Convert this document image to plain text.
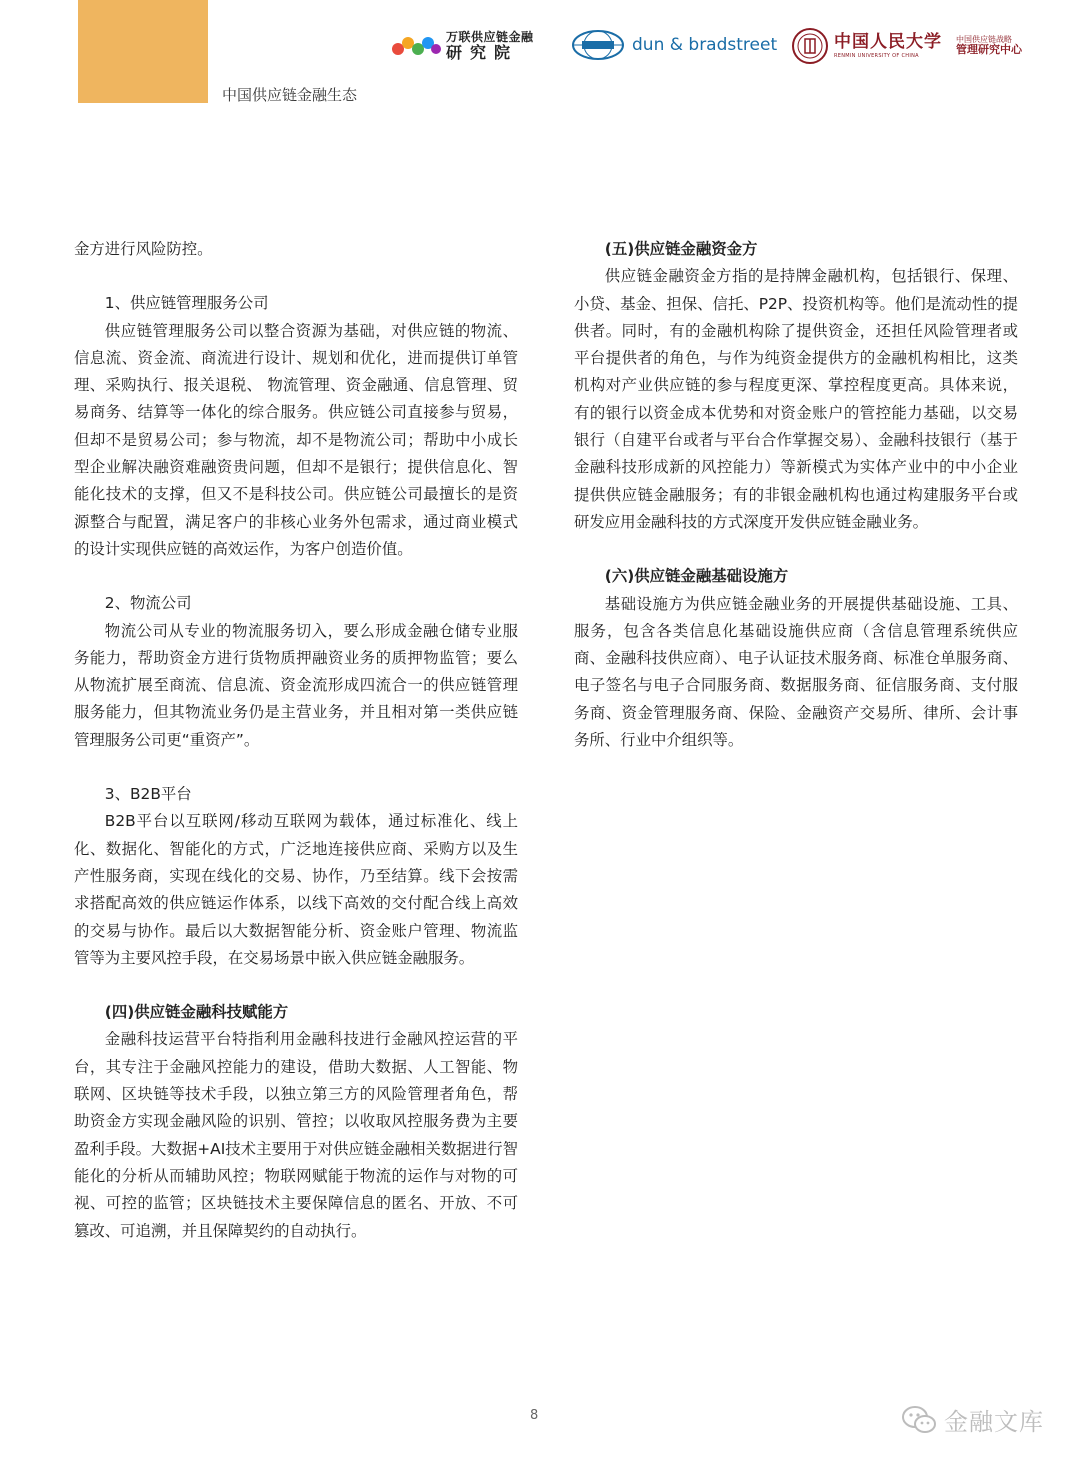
万联供应链金融
研究院	dun & bradstreet	中国人民大学
RENMIN UNIVERSITY OF CHINA
中国供应链战略
管理研究中心
中国供应链金融生态

金方进行风险防控。

1、供应链管理服务公司

供应链管理服务公司以整合资源为基础，对供应链的物流、信息流、资金流、商流进行设计、规划和优化，进而提供订单管理、采购执行、报关退税、 物流管理、资金融通、信息管理、贸易商务、结算等一体化的综合服务。供应链公司直接参与贸易，但却不是贸易公司；参与物流，却不是物流公司；帮助中小成长型企业解决融资难融资贵问题，但却不是银行；提供信息化、智能化技术的支撑，但又不是科技公司。供应链公司最擅长的是资源整合与配置，满足客户的非核心业务外包需求，通过商业模式的设计实现供应链的高效运作，为客户创造价值。

2、物流公司

物流公司从专业的物流服务切入，要么形成金融仓储专业服务能力，帮助资金方进行货物质押融资业务的质押物监管；要么从物流扩展至商流、信息流、资金流形成四流合一的供应链管理服务能力，但其物流业务仍是主营业务，并且相对第一类供应链管理服务公司更“重资产”。

3、B2B平台

B2B平台以互联网/移动互联网为载体，通过标准化、线上化、数据化、智能化的方式，广泛地连接供应商、采购方以及生产性服务商，实现在线化的交易、协作，乃至结算。线下会按需求搭配高效的供应链运作体系，以线下高效的交付配合线上高效的交易与协作。最后以大数据智能分析、资金账户管理、物流监管等为主要风控手段，在交易场景中嵌入供应链金融服务。

(四)供应链金融科技赋能方

金融科技运营平台特指利用金融科技进行金融风控运营的平台，其专注于金融风控能力的建设，借助大数据、人工智能、物联网、区块链等技术手段，以独立第三方的风险管理者角色，帮助资金方实现金融风险的识别、管控；以收取风控服务费为主要盈利手段。大数据+AI技术主要用于对供应链金融相关数据进行智能化的分析从而辅助风控；物联网赋能于物流的运作与对物的可视、可控的监管；区块链技术主要保障信息的匿名、开放、不可篡改、可追溯，并且保障契约的自动执行。

(五)供应链金融资金方

供应链金融资金方指的是持牌金融机构，包括银行、保理、小贷、基金、担保、信托、P2P、投资机构等。他们是流动性的提供者。同时，有的金融机构除了提供资金，还担任风险管理者或平台提供者的角色，与作为纯资金提供方的金融机构相比，这类机构对产业供应链的参与程度更深、掌控程度更高。具体来说，有的银行以资金成本优势和对资金账户的管控能力基础，以交易银行（自建平台或者与平台合作掌握交易）、金融科技银行（基于金融科技形成新的风控能力）等新模式为实体产业中的中小企业提供供应链金融服务；有的非银金融机构也通过构建服务平台或研发应用金融科技的方式深度开发供应链金融业务。

(六)供应链金融基础设施方

基础设施方为供应链金融业务的开展提供基础设施、工具、服务，包含各类信息化基础设施供应商（含信息管理系统供应商、金融科技供应商）、电子认证技术服务商、标准仓单服务商、电子签名与电子合同服务商、数据服务商、征信服务商、支付服务商、资金管理服务商、保险、金融资产交易所、律所、会计事务所、行业中介组织等。

8	金融文库
